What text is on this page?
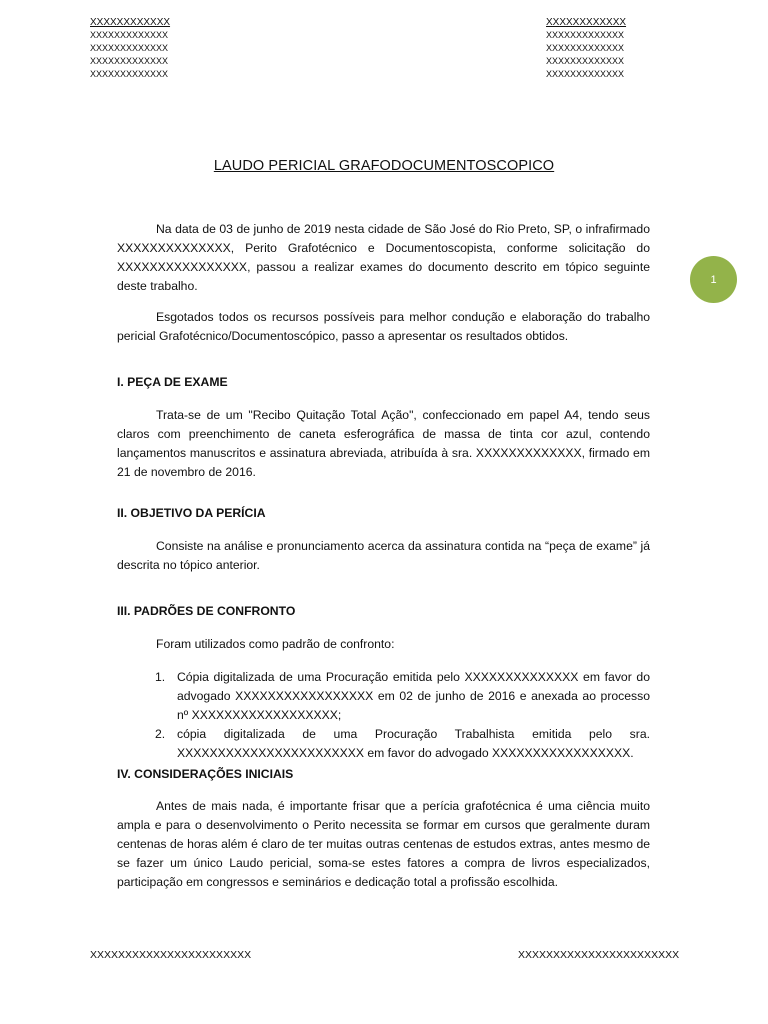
XXXXXXXXXXXX
XXXXXXXXXXXXX
XXXXXXXXXXXXX
XXXXXXXXXXXXX
XXXXXXXXXXXXX
XXXXXXXXXXXX
XXXXXXXXXXXXX
XXXXXXXXXXXXX
XXXXXXXXXXXXX
XXXXXXXXXXXXX
1
LAUDO PERICIAL GRAFODOCUMENTOSCOPICO

Na data de 03 de junho de 2019 nesta cidade de São José do Rio Preto, SP, o infrafirmado XXXXXXXXXXXXXX, Perito Grafotécnico e Documentoscopista, conforme solicitação do XXXXXXXXXXXXXXXX, passou a realizar exames do documento descrito em tópico seguinte deste trabalho.

Esgotados todos os recursos possíveis para melhor condução e elaboração do trabalho pericial Grafotécnico/Documentoscópico, passo a apresentar os resultados obtidos.

I. PEÇA DE EXAME

Trata-se de um "Recibo Quitação Total Ação", confeccionado em papel A4, tendo seus claros com preenchimento de caneta esferográfica de massa de tinta cor azul, contendo lançamentos manuscritos e assinatura abreviada, atribuída à sra. XXXXXXXXXXXXX, firmado em 21 de novembro de 2016.

II. OBJETIVO DA PERÍCIA

Consiste na análise e pronunciamento acerca da assinatura contida na “peça de exame” já descrita no tópico anterior.

III. PADRÕES DE CONFRONTO

Foram utilizados como padrão de confronto:

1. Cópia digitalizada de uma Procuração emitida pelo XXXXXXXXXXXXXX em favor do advogado XXXXXXXXXXXXXXXXX em 02 de junho de 2016 e anexada ao processo nº XXXXXXXXXXXXXXXXXX;
2. cópia digitalizada de uma Procuração Trabalhista emitida pelo sra. XXXXXXXXXXXXXXXXXXXXXXX em favor do advogado XXXXXXXXXXXXXXXXX.
IV. CONSIDERAÇÕES INICIAIS

Antes de mais nada, é importante frisar que a perícia grafotécnica é uma ciência muito ampla e para o desenvolvimento o Perito necessita se formar em cursos que geralmente duram centenas de horas além é claro de ter muitas outras centenas de estudos extras, antes mesmo de se fazer um único Laudo pericial, soma-se estes fatores a compra de livros especializados, participação em congressos e seminários e dedicação total a profissão escolhida.

XXXXXXXXXXXXXXXXXXXXXXX	XXXXXXXXXXXXXXXXXXXXXXX
